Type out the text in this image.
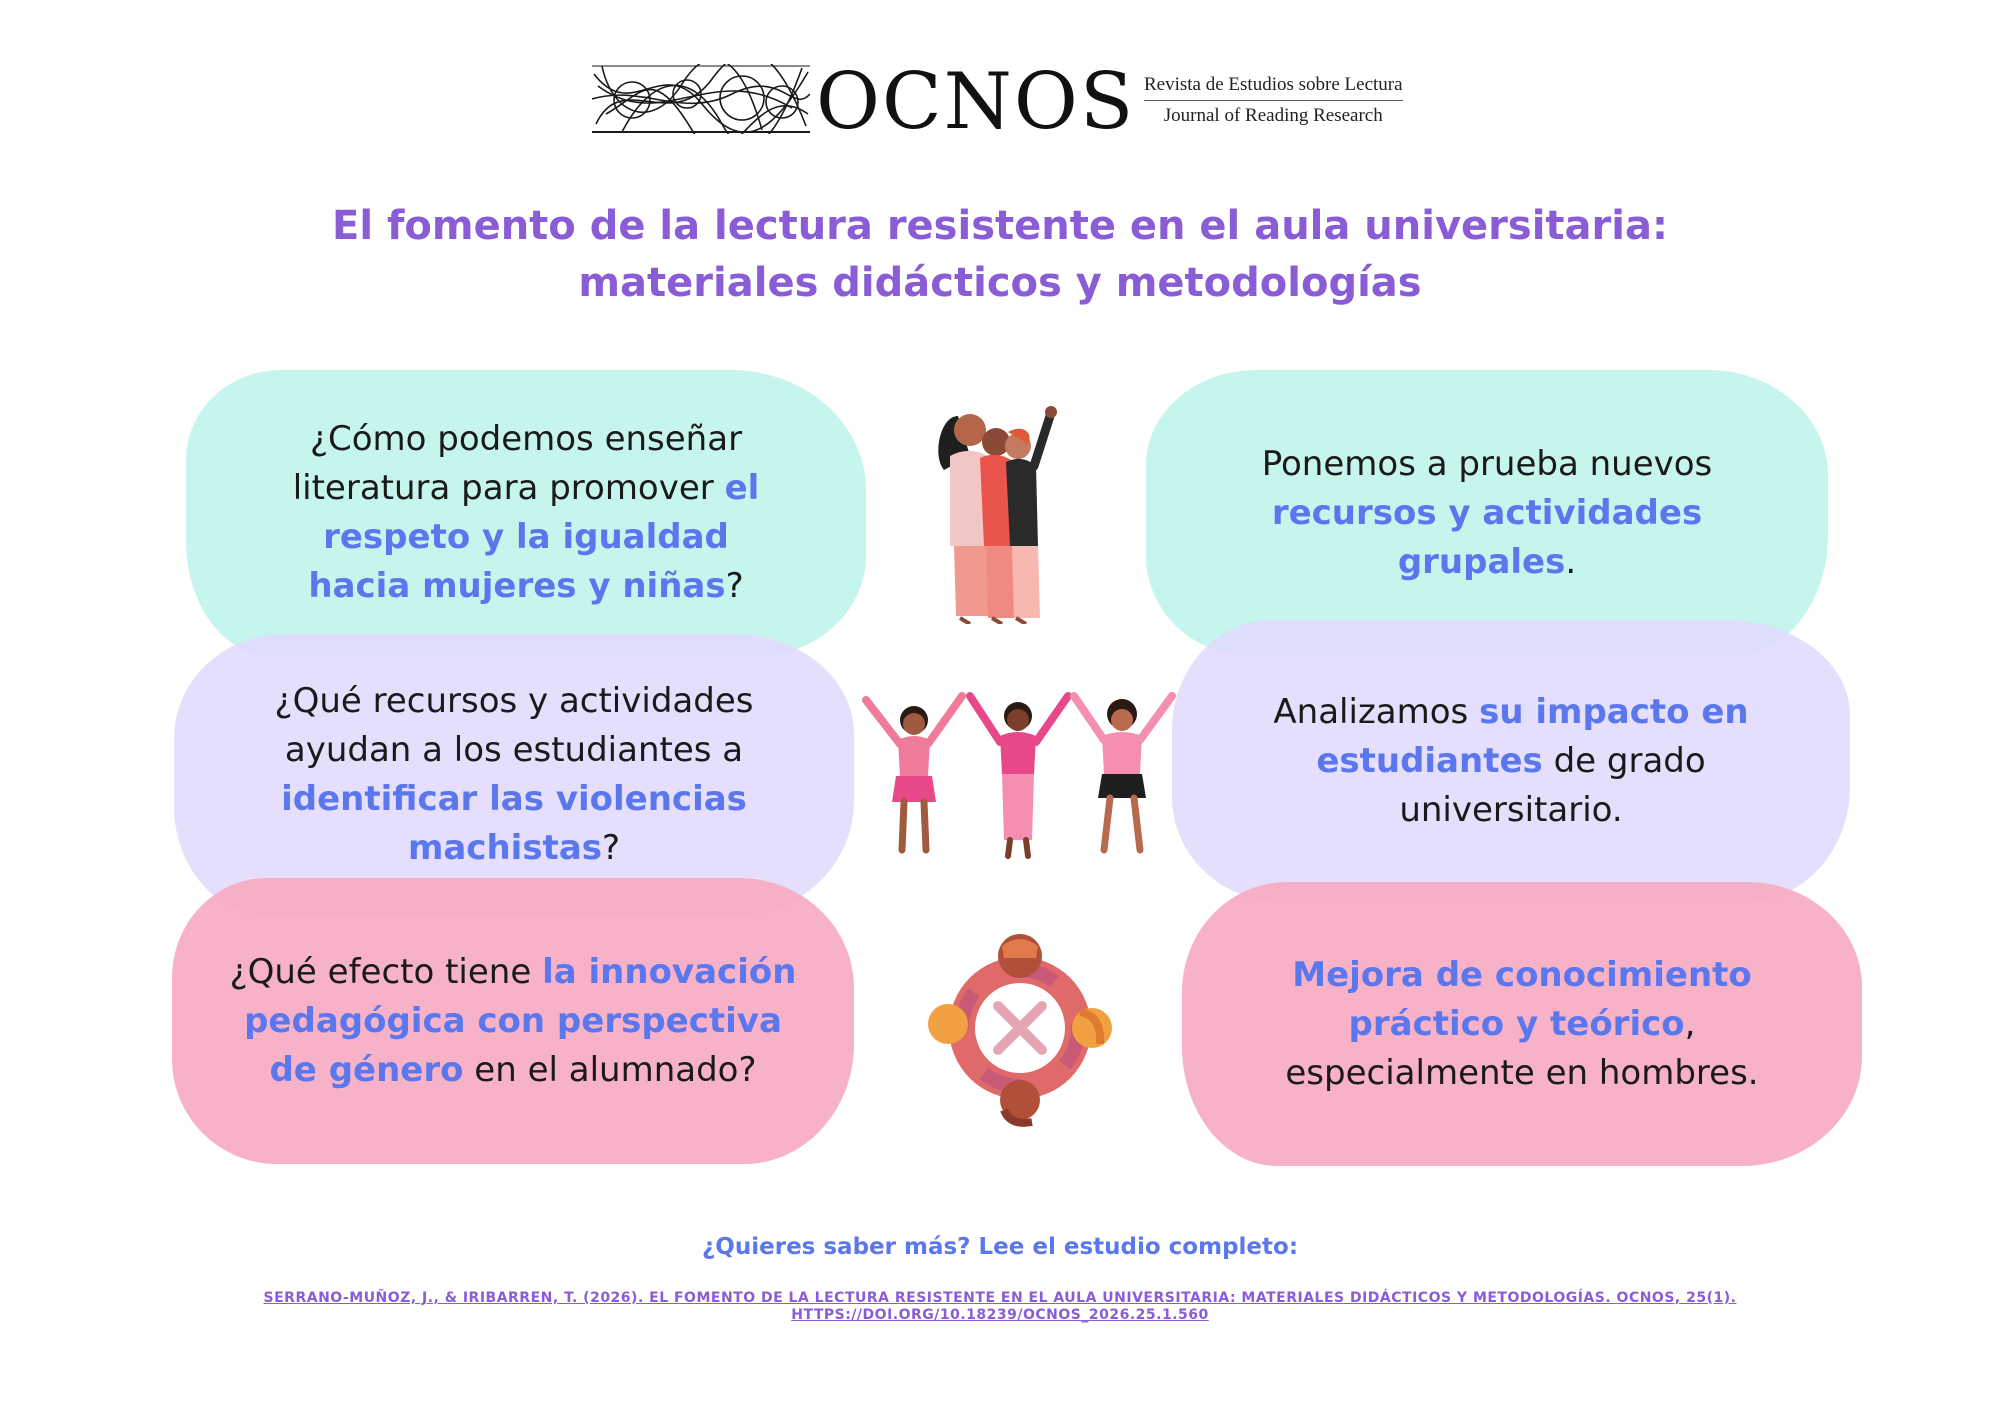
OCNOS Revista de Estudios sobre Lectura
Journal of Reading Research
El fomento de la lectura resistente en el aula universitaria:
materiales didácticos y metodologías
¿Cómo podemos enseñar literatura para promover el respeto y la igualdad hacia mujeres y niñas?
Ponemos a prueba nuevos recursos y actividades grupales.
¿Qué recursos y actividades ayudan a los estudiantes a identificar las violencias machistas?
Analizamos su impacto en estudiantes de grado universitario.
¿Qué efecto tiene la innovación pedagógica con perspectiva de género en el alumnado?
Mejora de conocimiento práctico y teórico, especialmente en hombres.
¿Quieres saber más? Lee el estudio completo:
SERRANO-MUÑOZ, J., & IRIBARREN, T. (2026). EL FOMENTO DE LA LECTURA RESISTENTE EN EL AULA UNIVERSITARIA: MATERIALES DIDÁCTICOS Y METODOLOGÍAS. OCNOS, 25(1).
HTTPS://DOI.ORG/10.18239/OCNOS_2026.25.1.560
